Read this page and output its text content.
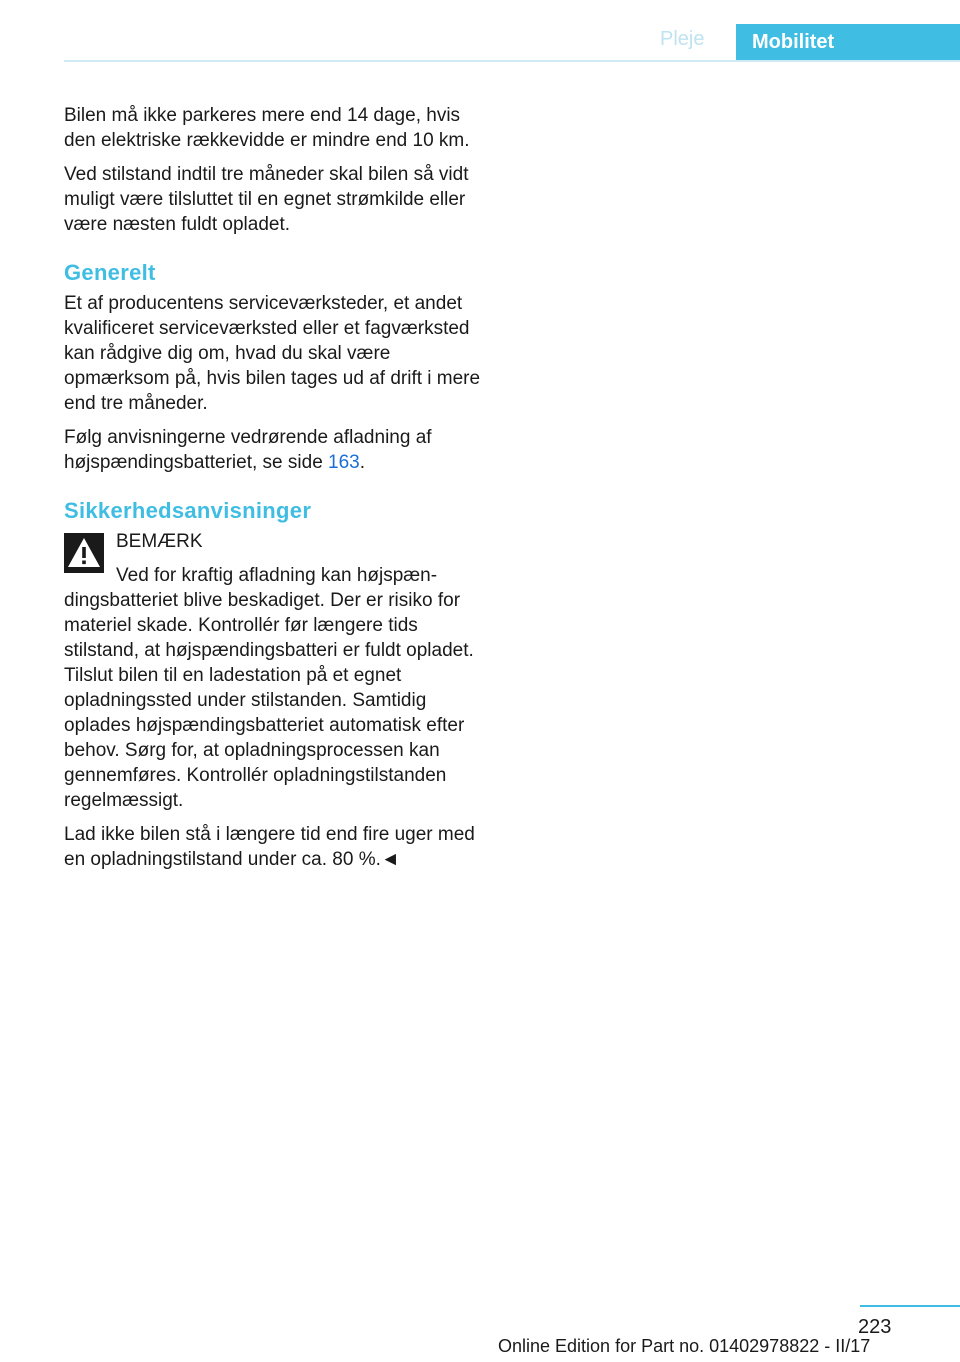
Pleje	Mobilitet

Bilen må ikke parkeres mere end 14 dage, hvis den elektriske rækkevidde er mindre end 10 km.

Ved stilstand indtil tre måneder skal bilen så vidt muligt være tilsluttet til en egnet strømkilde eller være næsten fuldt opladet.

Generelt

Et af producentens serviceværksteder, et andet kvalificeret serviceværksted eller et fagværksted kan rådgive dig om, hvad du skal være opmærksom på, hvis bilen tages ud af drift i mere end tre måneder.

Følg anvisningerne vedrørende afladning af højspændingsbatteriet, se side 163.

Sikkerhedsanvisninger

BEMÆRK

Ved for kraftig afladning kan højspændingsbatteriet blive beskadiget. Der er risiko for materiel skade. Kontrollér før længere tids stilstand, at højspændingsbatteri er fuldt opladet. Tilslut bilen til en ladestation på et egnet opladningssted under stilstanden. Samtidig oplades højspændingsbatteriet automatisk efter behov. Sørg for, at opladningsprocessen kan gennemføres. Kontrollér opladningstilstanden regelmæssigt.

Lad ikke bilen stå i længere tid end fire uger med en opladningstilstand under ca. 80 %.◄

223
Online Edition for Part no. 01402978822 - II/17
